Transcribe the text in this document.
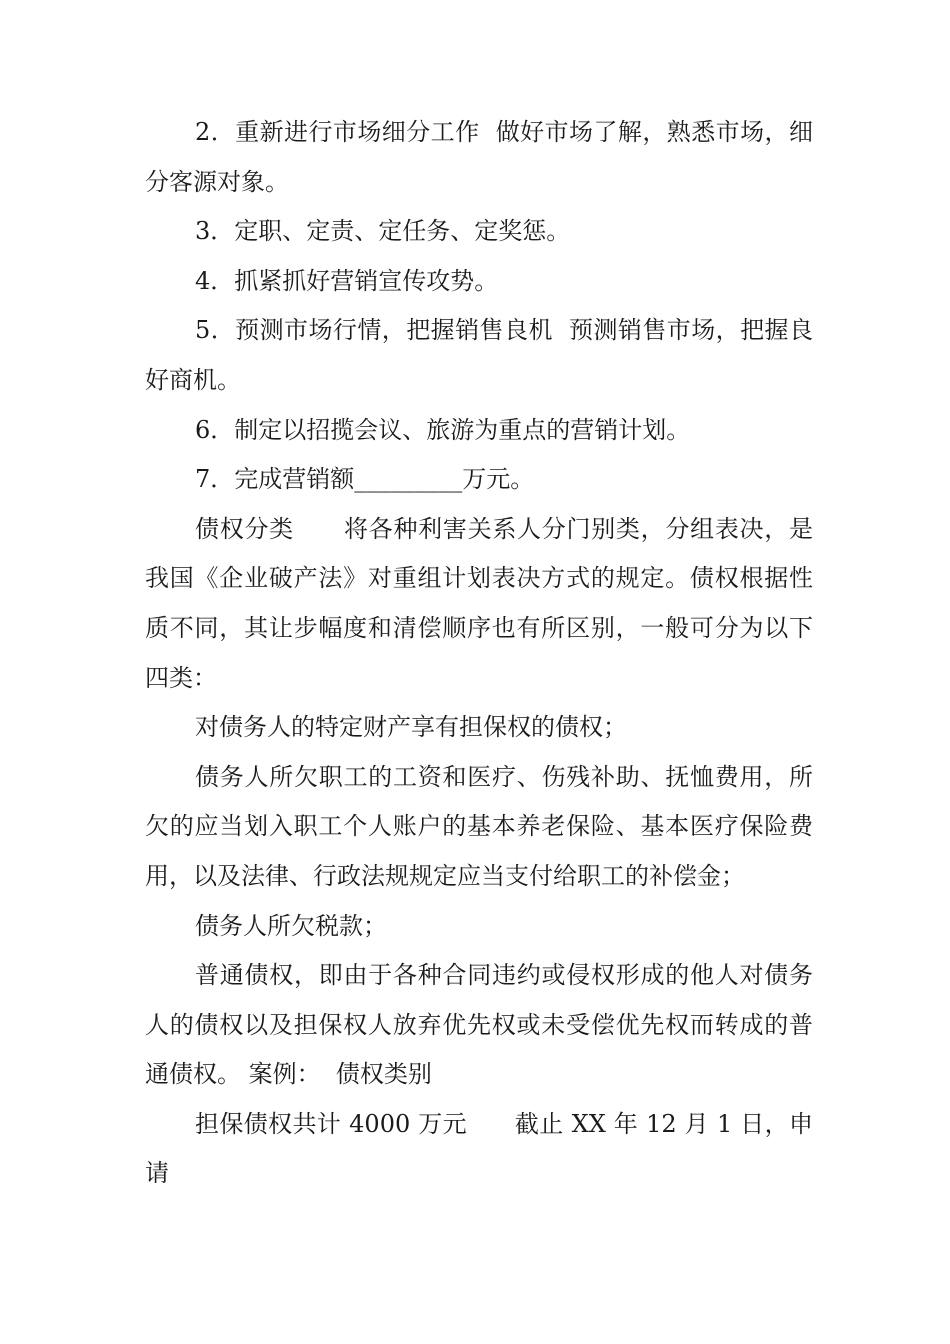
2．重新进行市场细分工作  做好市场了解，熟悉市场，细分客源对象。

3．定职、定责、定任务、定奖惩。

4．抓紧抓好营销宣传攻势。

5．预测市场行情，把握销售良机  预测销售市场，把握良好商机。

6．制定以招揽会议、旅游为重点的营销计划。

7．完成营销额_________万元。

债权分类      将各种利害关系人分门别类，分组表决，是我国《企业破产法》对重组计划表决方式的规定。债权根据性质不同，其让步幅度和清偿顺序也有所区别，一般可分为以下四类：

对债务人的特定财产享有担保权的债权；

债务人所欠职工的工资和医疗、伤残补助、抚恤费用，所欠的应当划入职工个人账户的基本养老保险、基本医疗保险费用，以及法律、行政法规规定应当支付给职工的补偿金；

债务人所欠税款；

普通债权，即由于各种合同违约或侵权形成的他人对债务人的债权以及担保权人放弃优先权或未受偿优先权而转成的普通债权。 案例：  债权类别

担保债权共计 4000 万元      截止 XX 年 12 月 1 日，申请
